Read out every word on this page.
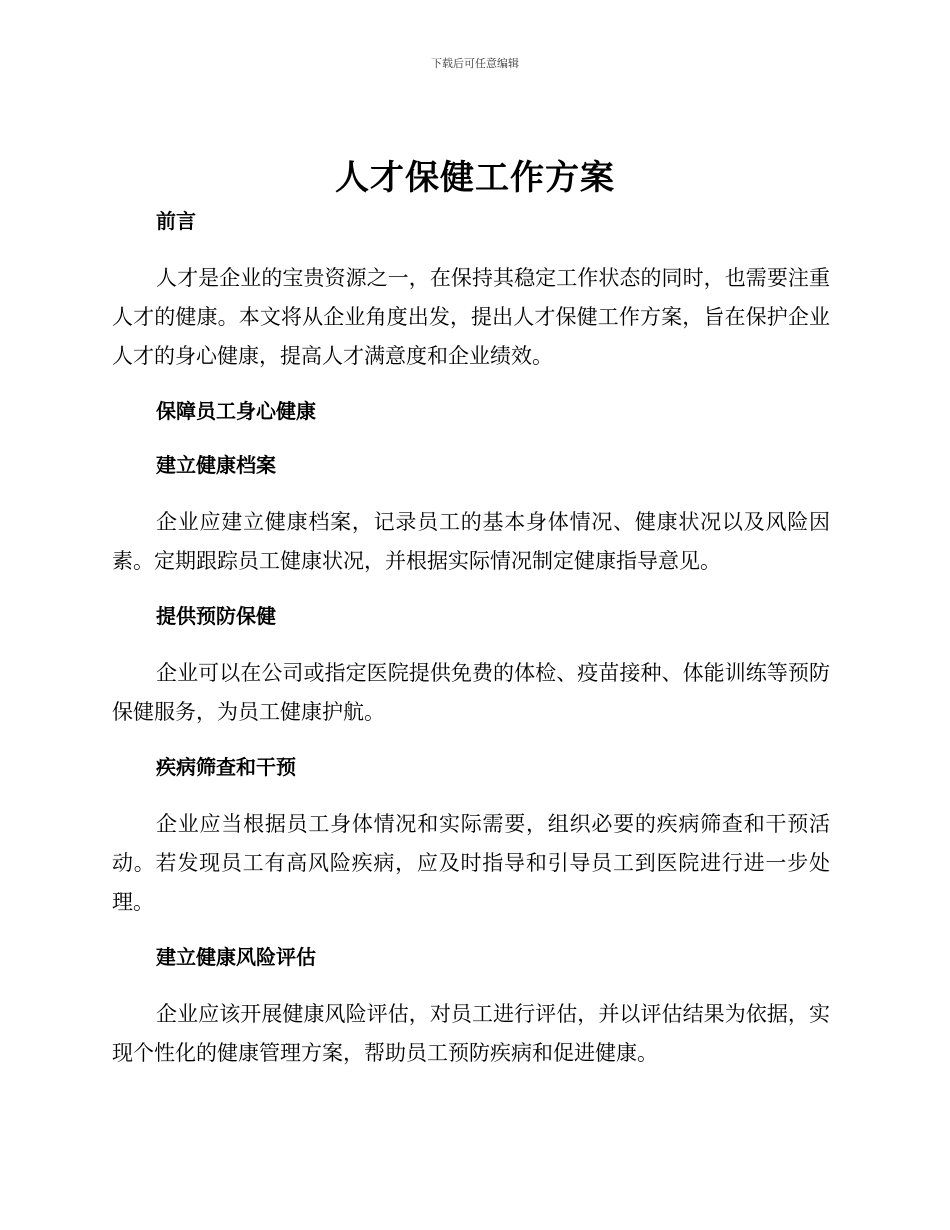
下载后可任意编辑
人才保健工作方案

前言

人才是企业的宝贵资源之一，在保持其稳定工作状态的同时，也需要注重人才的健康。本文将从企业角度出发，提出人才保健工作方案，旨在保护企业人才的身心健康，提高人才满意度和企业绩效。

保障员工身心健康

建立健康档案

企业应建立健康档案，记录员工的基本身体情况、健康状况以及风险因素。定期跟踪员工健康状况，并根据实际情况制定健康指导意见。

提供预防保健

企业可以在公司或指定医院提供免费的体检、疫苗接种、体能训练等预防保健服务，为员工健康护航。

疾病筛查和干预

企业应当根据员工身体情况和实际需要，组织必要的疾病筛查和干预活动。若发现员工有高风险疾病，应及时指导和引导员工到医院进行进一步处理。

建立健康风险评估

企业应该开展健康风险评估，对员工进行评估，并以评估结果为依据，实现个性化的健康管理方案，帮助员工预防疾病和促进健康。
